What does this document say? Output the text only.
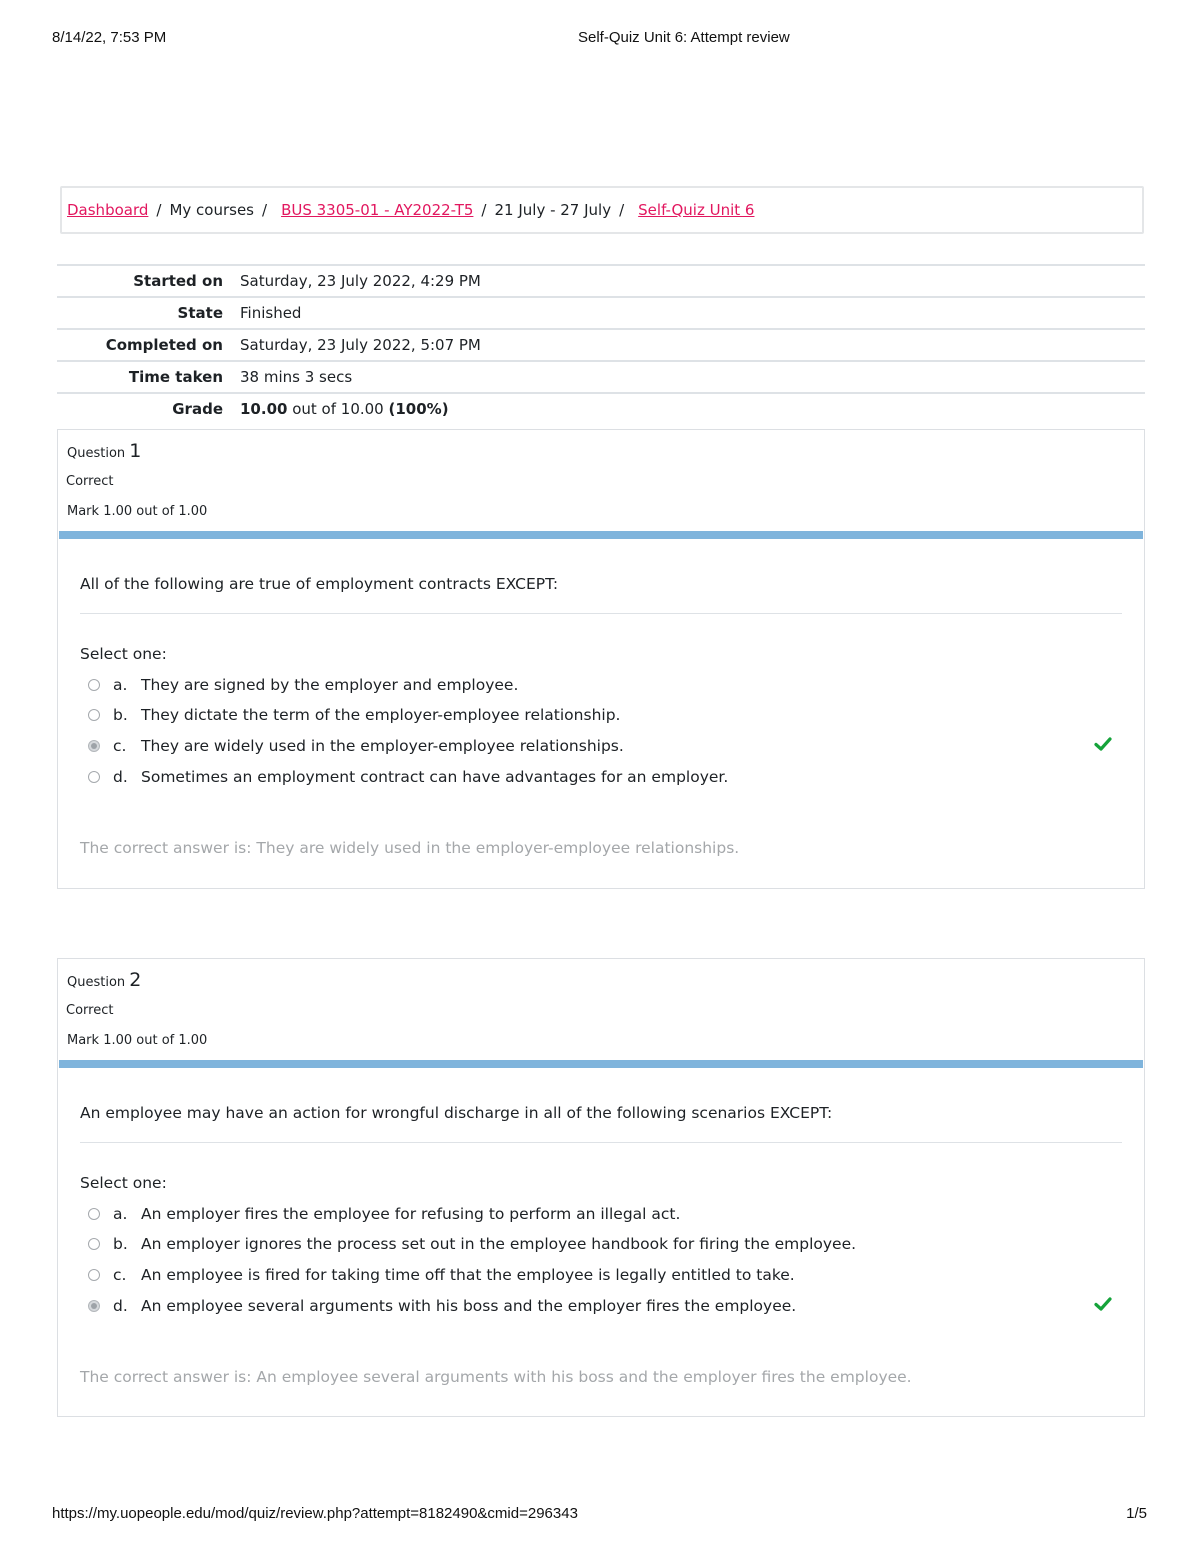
8/14/22, 7:53 PM	Self-Quiz Unit 6: Attempt review
Dashboard / My courses / BUS 3305-01 - AY2022-T5 / 21 July - 27 July / Self-Quiz Unit 6
Started on	Saturday, 23 July 2022, 4:29 PM
State	Finished
Completed on	Saturday, 23 July 2022, 5:07 PM
Time taken	38 mins 3 secs
Grade	10.00 out of 10.00 (100%)
Question 1
Correct
Mark 1.00 out of 1.00
All of the following are true of employment contracts EXCEPT:
Select one:
a. They are signed by the employer and employee.
b. They dictate the term of the employer-employee relationship.
c. They are widely used in the employer-employee relationships.
d. Sometimes an employment contract can have advantages for an employer.
The correct answer is: They are widely used in the employer-employee relationships.
Question 2
Correct
Mark 1.00 out of 1.00
An employee may have an action for wrongful discharge in all of the following scenarios EXCEPT:
Select one:
a. An employer fires the employee for refusing to perform an illegal act.
b. An employer ignores the process set out in the employee handbook for firing the employee.
c. An employee is fired for taking time off that the employee is legally entitled to take.
d. An employee several arguments with his boss and the employer fires the employee.
The correct answer is: An employee several arguments with his boss and the employer fires the employee.
https://my.uopeople.edu/mod/quiz/review.php?attempt=8182490&cmid=296343	1/5
